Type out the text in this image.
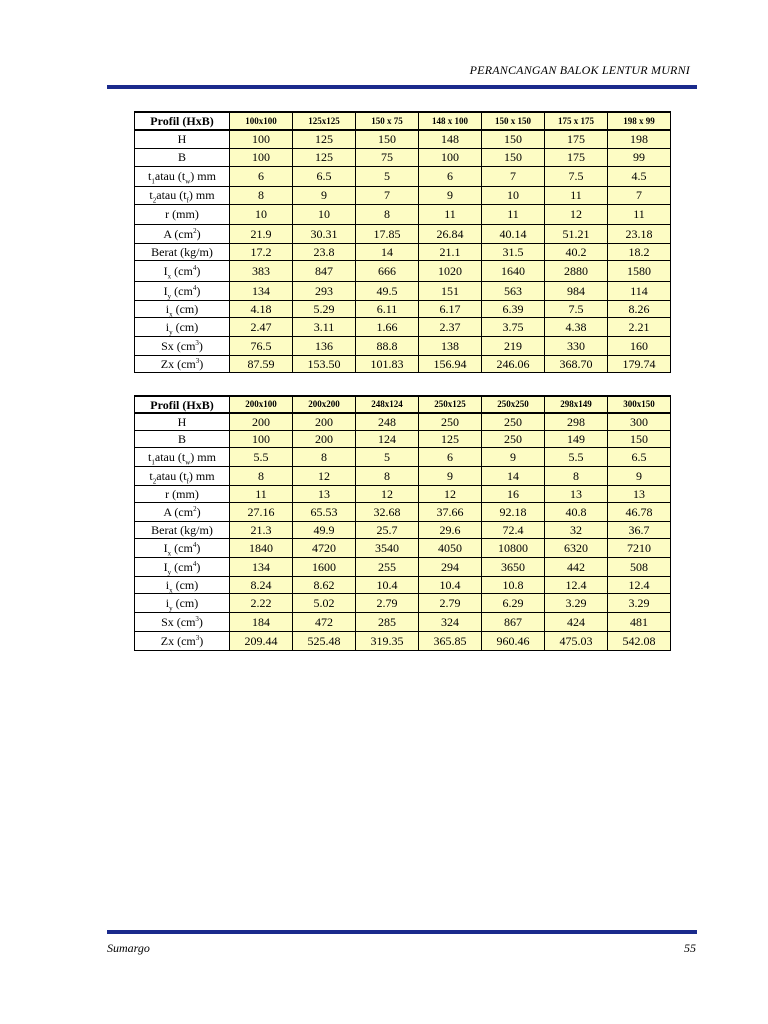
PERANCANGAN BALOK LENTUR MURNI
Profil (HxB)	100x100	125x125	150 x 75	148 x 100	150 x 150	175 x 175	198 x 99
H	100	125	150	148	150	175	198
B	100	125	75	100	150	175	99
$t_1atau$ $(t_w)$ mm	6	6.5	5	6	7	7.5	4.5
$t_2atau$ $(t_f)$ mm	8	9	7	9	10	11	7
r (mm)	10	10	8	11	11	12	11
A $(cm^2)$	21.9	30.31	17.85	26.84	40.14	51.21	23.18
Berat (kg/m)	17.2	23.8	14	21.1	31.5	40.2	18.2
$I_x$ $(cm^4)$	383	847	666	1020	1640	2880	1580
$I_y$ $(cm^4)$	134	293	49.5	151	563	984	114
$i_x$ (cm)	4.18	5.29	6.11	6.17	6.39	7.5	8.26
$i_y$ (cm)	2.47	3.11	1.66	2.37	3.75	4.38	2.21
Sx $(cm^3)$	76.5	136	88.8	138	219	330	160
Zx $(cm^3)$	87.59	153.50	101.83	156.94	246.06	368.70	179.74
Profil (HxB)	200x100	200x200	248x124	250x125	250x250	298x149	300x150
H	200	200	248	250	250	298	300
B	100	200	124	125	250	149	150
$t_1atau$ $(t_w)$ mm	5.5	8	5	6	9	5.5	6.5
$t_2atau$ $(t_f)$ mm	8	12	8	9	14	8	9
r (mm)	11	13	12	12	16	13	13
A $(cm^2)$	27.16	65.53	32.68	37.66	92.18	40.8	46.78
Berat (kg/m)	21.3	49.9	25.7	29.6	72.4	32	36.7
$I_x$ $(cm^4)$	1840	4720	3540	4050	10800	6320	7210
$I_y$ $(cm^4)$	134	1600	255	294	3650	442	508
$i_x$ (cm)	8.24	8.62	10.4	10.4	10.8	12.4	12.4
$i_y$ (cm)	2.22	5.02	2.79	2.79	6.29	3.29	3.29
Sx $(cm^3)$	184	472	285	324	867	424	481
Zx $(cm^3)$	209.44	525.48	319.35	365.85	960.46	475.03	542.08
Sumargo	55
